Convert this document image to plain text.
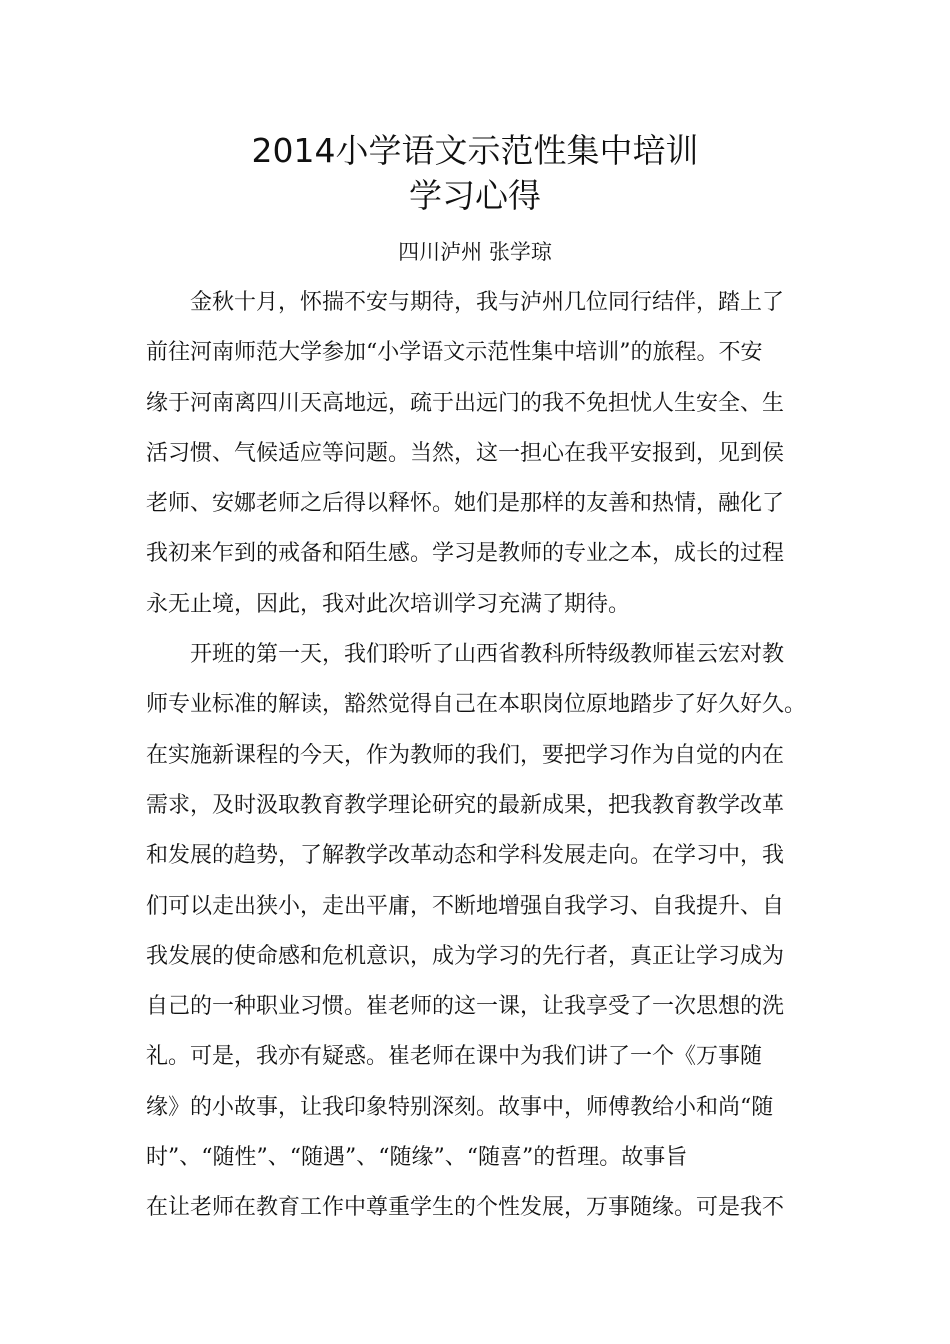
2014小学语文示范性集中培训
学习心得
四川泸州 张学琼
金秋十月，怀揣不安与期待，我与泸州几位同行结伴，踏上了
前往河南师范大学参加“小学语文示范性集中培训”的旅程。不安
缘于河南离四川天高地远，疏于出远门的我不免担忧人生安全、生
活习惯、气候适应等问题。当然，这一担心在我平安报到，见到侯
老师、安娜老师之后得以释怀。她们是那样的友善和热情，融化了
我初来乍到的戒备和陌生感。学习是教师的专业之本，成长的过程
永无止境，因此，我对此次培训学习充满了期待。
开班的第一天，我们聆听了山西省教科所特级教师崔云宏对教
师专业标准的解读，豁然觉得自己在本职岗位原地踏步了好久好久。
在实施新课程的今天，作为教师的我们，要把学习作为自觉的内在
需求，及时汲取教育教学理论研究的最新成果，把我教育教学改革
和发展的趋势，了解教学改革动态和学科发展走向。在学习中，我
们可以走出狭小，走出平庸，不断地增强自我学习、自我提升、自
我发展的使命感和危机意识，成为学习的先行者，真正让学习成为
自己的一种职业习惯。崔老师的这一课，让我享受了一次思想的洗
礼。可是，我亦有疑惑。崔老师在课中为我们讲了一个《万事随
缘》的小故事，让我印象特别深刻。故事中，师傅教给小和尚“随
时”、“随性”、“随遇”、“随缘”、“随喜”的哲理。故事旨
在让老师在教育工作中尊重学生的个性发展，万事随缘。可是我不
